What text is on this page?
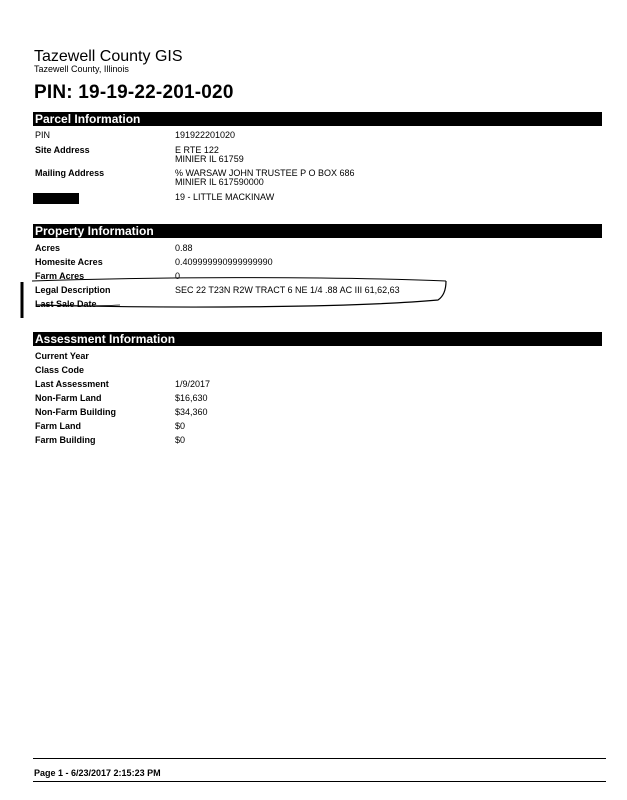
Tazewell County GIS
Tazewell County, Illinois
PIN: 19-19-22-201-020
Parcel Information
PIN	191922201020
Site Address	E RTE 122
MINIER IL 61759
Mailing Address	% WARSAW JOHN TRUSTEE P O BOX 686
MINIER IL 617590000
19 - LITTLE MACKINAW
Property Information
Acres	0.88
Homesite Acres	0.409999990999999990
Farm Acres	0
Legal Description	SEC 22 T23N R2W TRACT 6 NE 1/4 .88 AC III 61,62,63
Last Sale Date
Assessment Information
Current Year
Class Code
Last Assessment	1/9/2017
Non-Farm Land	$16,630
Non-Farm Building	$34,360
Farm Land	$0
Farm Building	$0
Page 1 - 6/23/2017 2:15:23 PM
